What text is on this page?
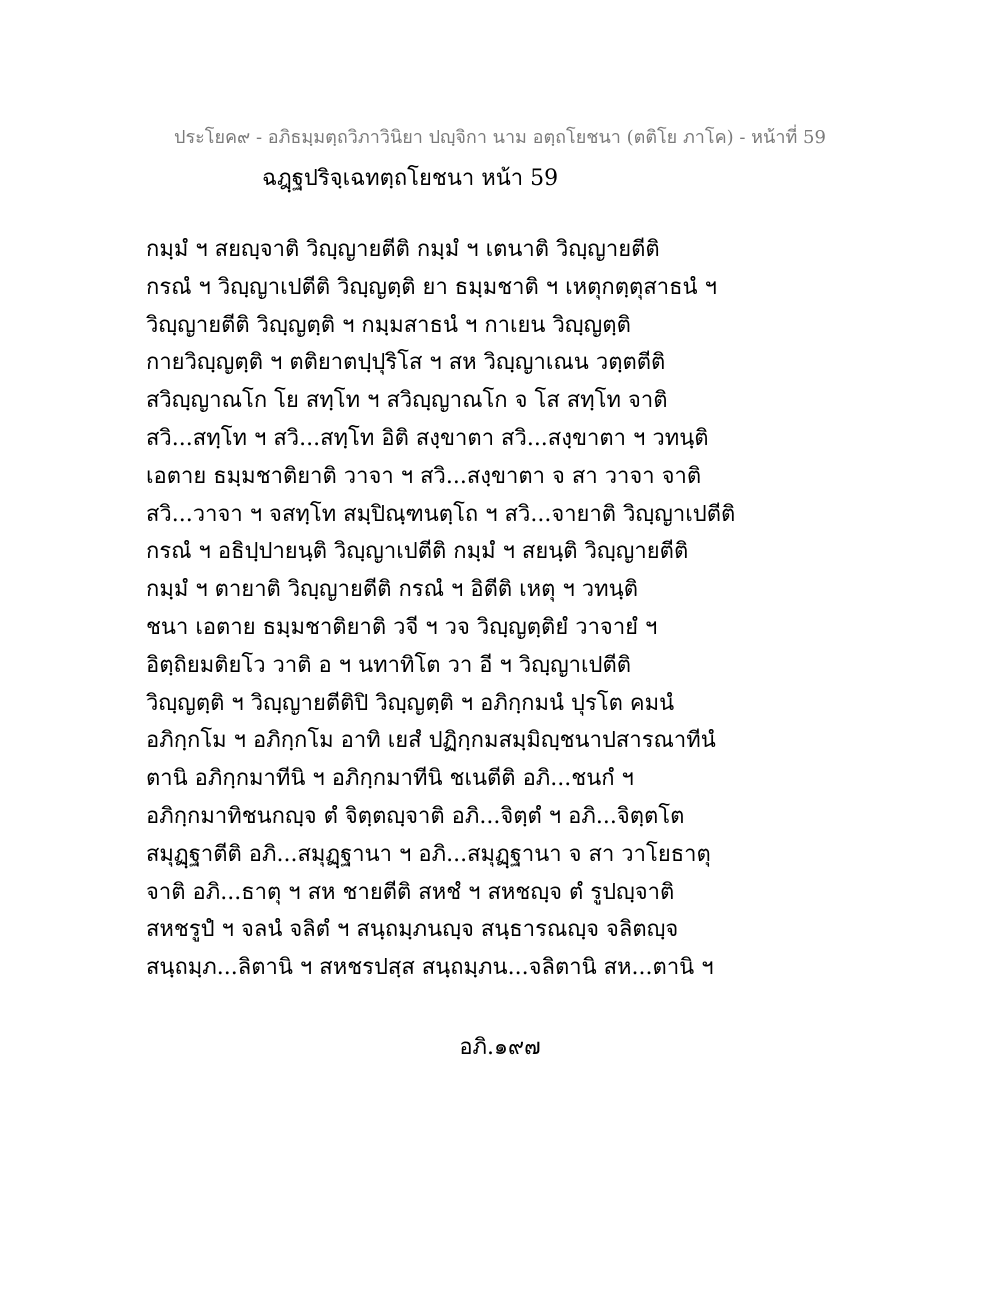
ประโยค๙ - อภิธมฺมตฺถวิภาวินิยา ปญฺจิกา นาม อตฺถโยชนา (ตติโย ภาโค) - หน้าที่ 59
ฉฎฺฐปริจฺเฉทตฺถโยชนา หน้า 59
กมฺมํ ฯ สยญฺจาติ วิญฺญายตีติ กมฺมํ ฯ เตนาติ วิญฺญายตีติ
กรณํ ฯ วิญฺญาเปตีติ วิญฺญตฺติ ยา ธมฺมชาติ ฯ เหตุกตฺตุสาธนํ ฯ
วิญฺญายตีติ วิญฺญตฺติ ฯ กมฺมสาธนํ ฯ กาเยน วิญฺญตฺติ
กายวิญฺญตฺติ ฯ ตติยาตปฺปุริโส ฯ สห วิญฺญาเณน วตฺตตีติ
สวิญฺญาณโก โย สทฺโท ฯ สวิญฺญาณโก จ โส สทฺโท จาติ
สวิ...สทฺโท ฯ สวิ...สทฺโท อิติ สงฺขาตา สวิ...สงฺขาตา ฯ วทนฺติ
เอตาย ธมฺมชาติยาติ วาจา ฯ สวิ...สงฺขาตา จ สา วาจา จาติ
สวิ...วาจา ฯ จสทฺโท สมฺปิณฺฑนตฺโถ ฯ สวิ...จายาติ วิญฺญาเปตีติ
กรณํ ฯ อธิปฺปายนฺติ วิญฺญาเปตีติ กมฺมํ ฯ สยนฺติ วิญฺญายตีติ
กมฺมํ ฯ ตายาติ วิญฺญายตีติ กรณํ ฯ อิตีติ เหตุ ฯ วทนฺติ
ชนา เอตาย ธมฺมชาติยาติ วจี ฯ วจ วิญฺญตฺติยํ วาจายํ ฯ
อิตฺถิยมติยโว วาติ อ ฯ นทาทิโต วา อี ฯ วิญฺญาเปตีติ
วิญฺญตฺติ ฯ วิญฺญายตีติปิ วิญฺญตฺติ ฯ อภิกฺกมนํ ปุรโต คมนํ
อภิกฺกโม ฯ อภิกฺกโม อาทิ เยสํ ปฏิกฺกมสมฺมิญฺชนาปสารณาทีนํ
ตานิ อภิกฺกมาทีนิ ฯ อภิกฺกมาทีนิ ชเนตีติ อภิ...ชนกํ ฯ
อภิกฺกมาทิชนกญฺจ ตํ จิตฺตญฺจาติ อภิ...จิตฺตํ ฯ อภิ...จิตฺตโต
สมุฏฺฐาตีติ อภิ...สมุฏฺฐานา ฯ อภิ...สมุฏฺฐานา จ สา วาโยธาตุ
จาติ อภิ...ธาตุ ฯ สห ชายตีติ สหชํ ฯ สหชญฺจ ตํ รูปญฺจาติ
สหชรูปํ ฯ จลนํ จลิตํ ฯ สนฺถมฺภนญฺจ สนฺธารณญฺจ จลิตญฺจ
สนฺถมฺภ...ลิตานิ ฯ สหชรปสฺส สนฺถมฺภน...จลิตานิ สห...ตานิ ฯ
อภิ.๑๙๗
